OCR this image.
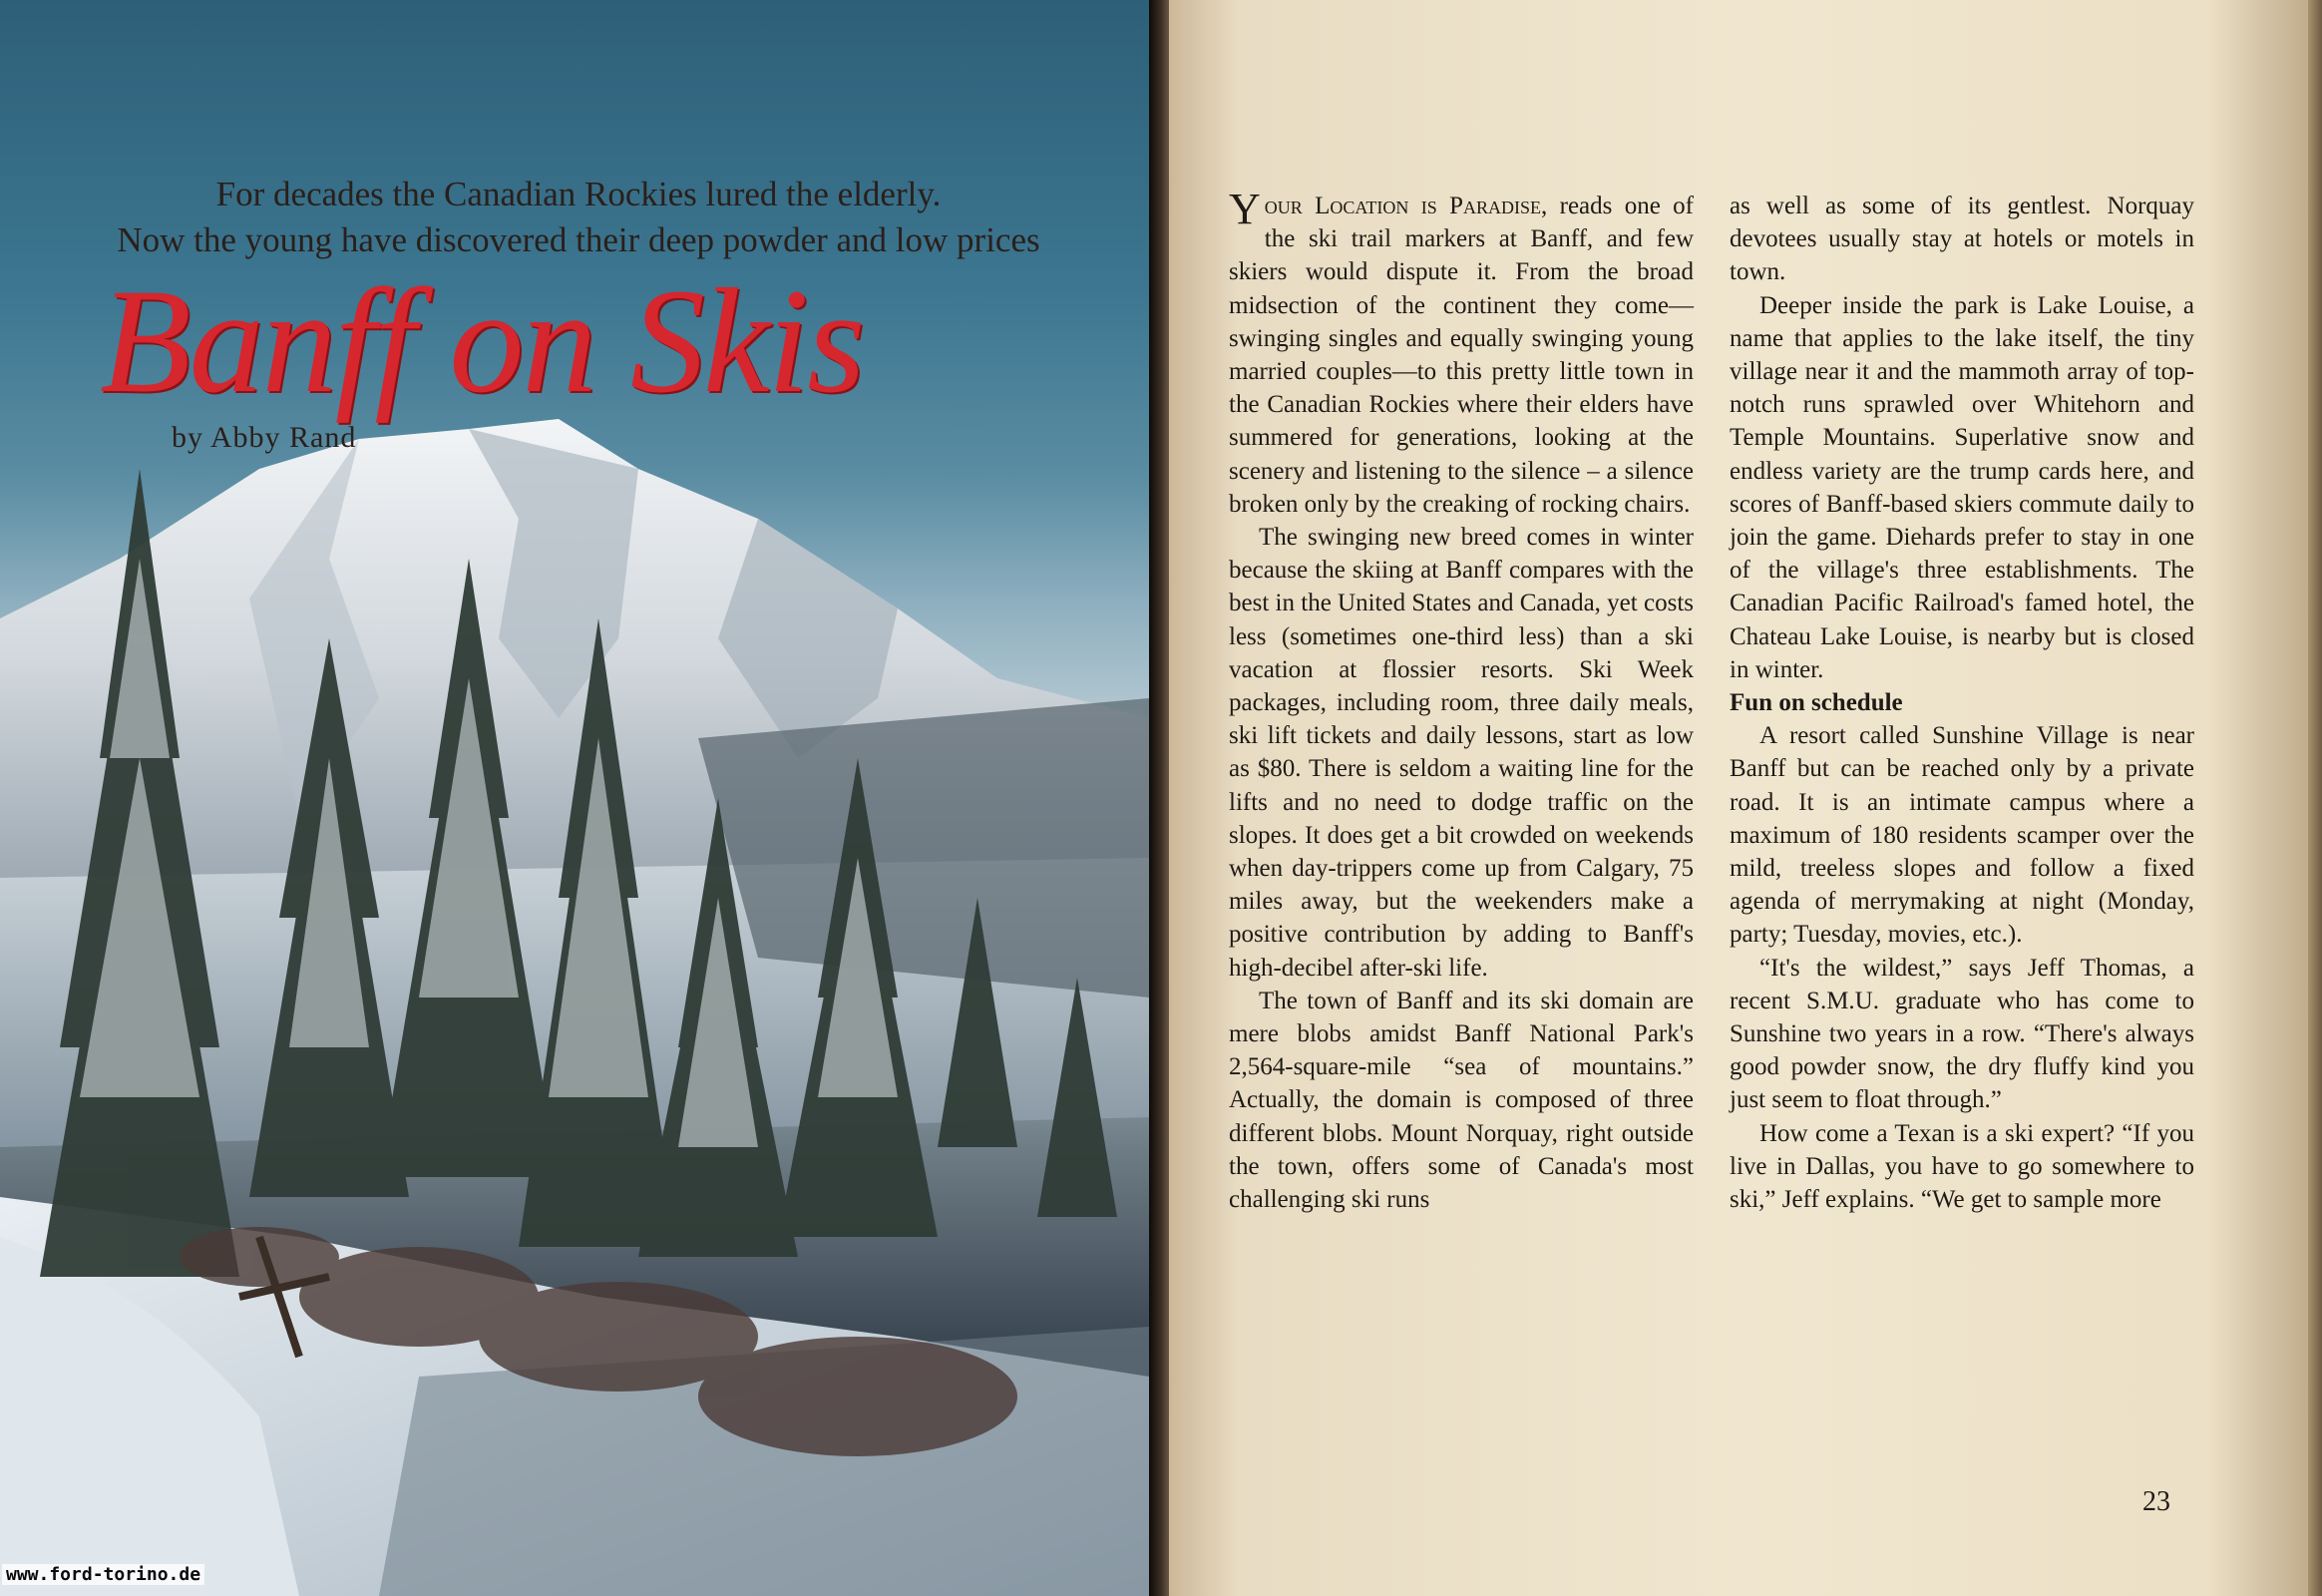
For decades the Canadian Rockies lured the elderly.
Now the young have discovered their deep powder and low prices
Banff on Skis
by Abby Rand
www.ford-torino.de

Your Location is Paradise, reads one of the ski trail markers at Banff, and few skiers would dispute it. From the broad midsection of the continent they come—swinging singles and equally swinging young married couples—to this pretty little town in the Canadian Rockies where their elders have summered for generations, looking at the scenery and listening to the silence – a silence broken only by the creaking of rocking chairs.

The swinging new breed comes in winter because the skiing at Banff compares with the best in the United States and Canada, yet costs less (sometimes one-third less) than a ski vacation at flossier resorts. Ski Week packages, including room, three daily meals, ski lift tickets and daily lessons, start as low as $80. There is seldom a waiting line for the lifts and no need to dodge traffic on the slopes. It does get a bit crowded on weekends when day-trippers come up from Calgary, 75 miles away, but the weekenders make a positive contribution by adding to Banff's high-decibel after-ski life.

The town of Banff and its ski domain are mere blobs amidst Banff National Park's 2,564-square-mile “sea of mountains.” Actually, the domain is composed of three different blobs. Mount Norquay, right outside the town, offers some of Canada's most challenging ski runs

as well as some of its gentlest. Norquay devotees usually stay at hotels or motels in town.

Deeper inside the park is Lake Louise, a name that applies to the lake itself, the tiny village near it and the mammoth array of top-notch runs sprawled over Whitehorn and Temple Mountains. Superlative snow and endless variety are the trump cards here, and scores of Banff-based skiers commute daily to join the game. Diehards prefer to stay in one of the village's three establishments. The Canadian Pacific Railroad's famed hotel, the Chateau Lake Louise, is nearby but is closed in winter.

Fun on schedule

A resort called Sunshine Village is near Banff but can be reached only by a private road. It is an intimate campus where a maximum of 180 residents scamper over the mild, treeless slopes and follow a fixed agenda of merrymaking at night (Monday, party; Tuesday, movies, etc.).

“It's the wildest,” says Jeff Thomas, a recent S.M.U. graduate who has come to Sunshine two years in a row. “There's always good powder snow, the dry fluffy kind you just seem to float through.”

How come a Texan is a ski expert? “If you live in Dallas, you have to go somewhere to ski,” Jeff explains. “We get to sample more

23
